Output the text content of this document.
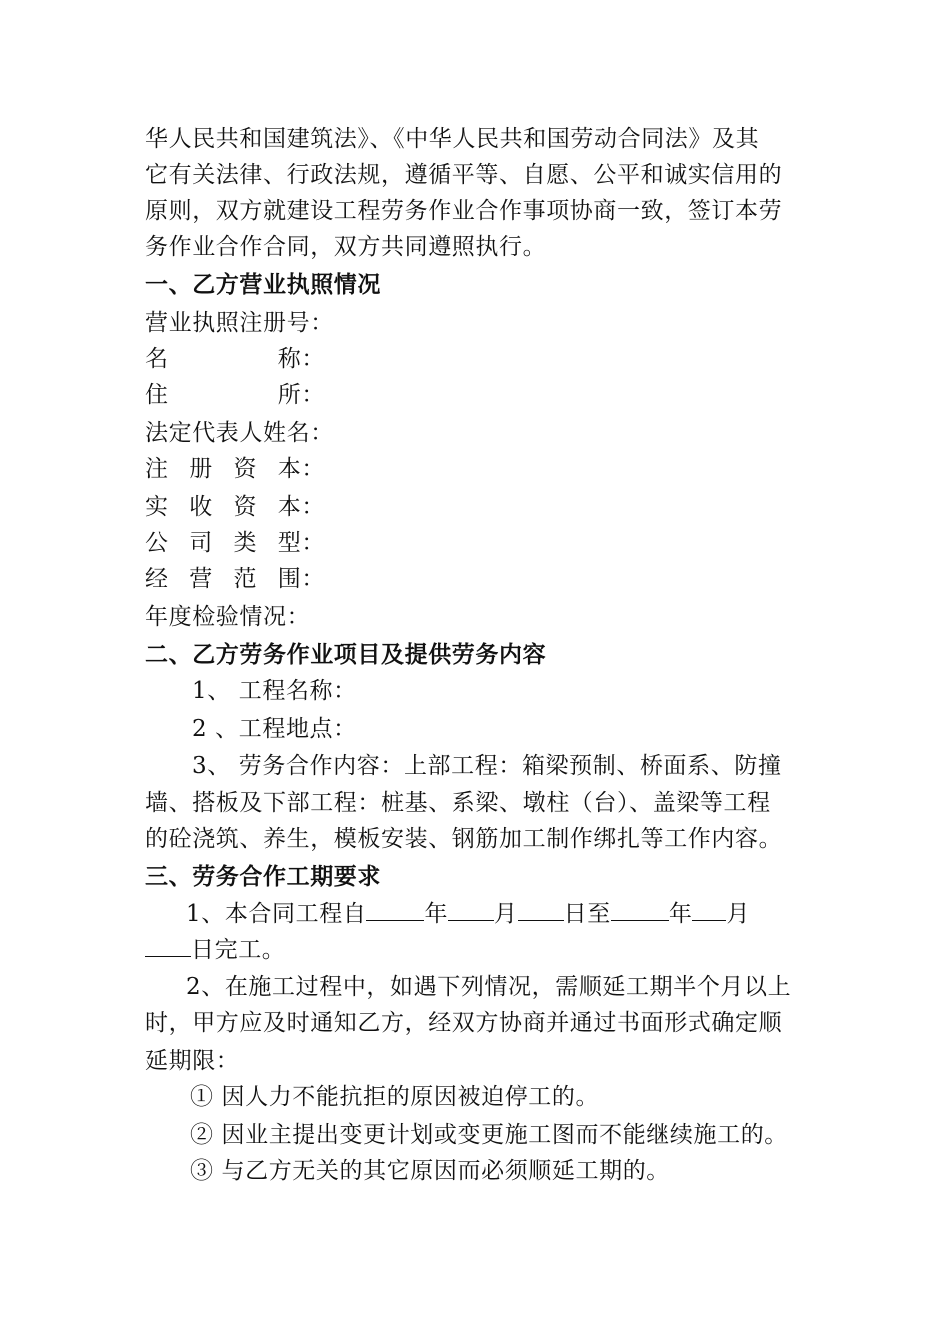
华人民共和国建筑法》、《中华人民共和国劳动合同法》及其
它有关法律、行政法规，遵循平等、自愿、公平和诚实信用的
原则，双方就建设工程劳务作业合作事项协商一致，签订本劳
务作业合作合同，双方共同遵照执行。
一、乙方营业执照情况
营业执照注册号：
名	称：
住	所：
法定代表人姓名：
注 册 资 本：
实 收 资 本：
公 司 类 型：
经 营 范 围：
年度检验情况：
二、乙方劳务作业项目及提供劳务内容
1、 工程名称：
2 、工程地点：
3、 劳务合作内容：上部工程：箱梁预制、桥面系、防撞
墙、搭板及下部工程：桩基、系梁、墩柱（台）、盖梁等工程
的砼浇筑、养生，模板安装、钢筋加工制作绑扎等工作内容。
三、劳务合作工期要求
1、本合同工程自	年 月 日至	年 月
日完工。
2、在施工过程中，如遇下列情况，需顺延工期半个月以上
时，甲方应及时通知乙方，经双方协商并通过书面形式确定顺
延期限：
① 因人力不能抗拒的原因被迫停工的。
② 因业主提出变更计划或变更施工图而不能继续施工的。
③ 与乙方无关的其它原因而必须顺延工期的。
